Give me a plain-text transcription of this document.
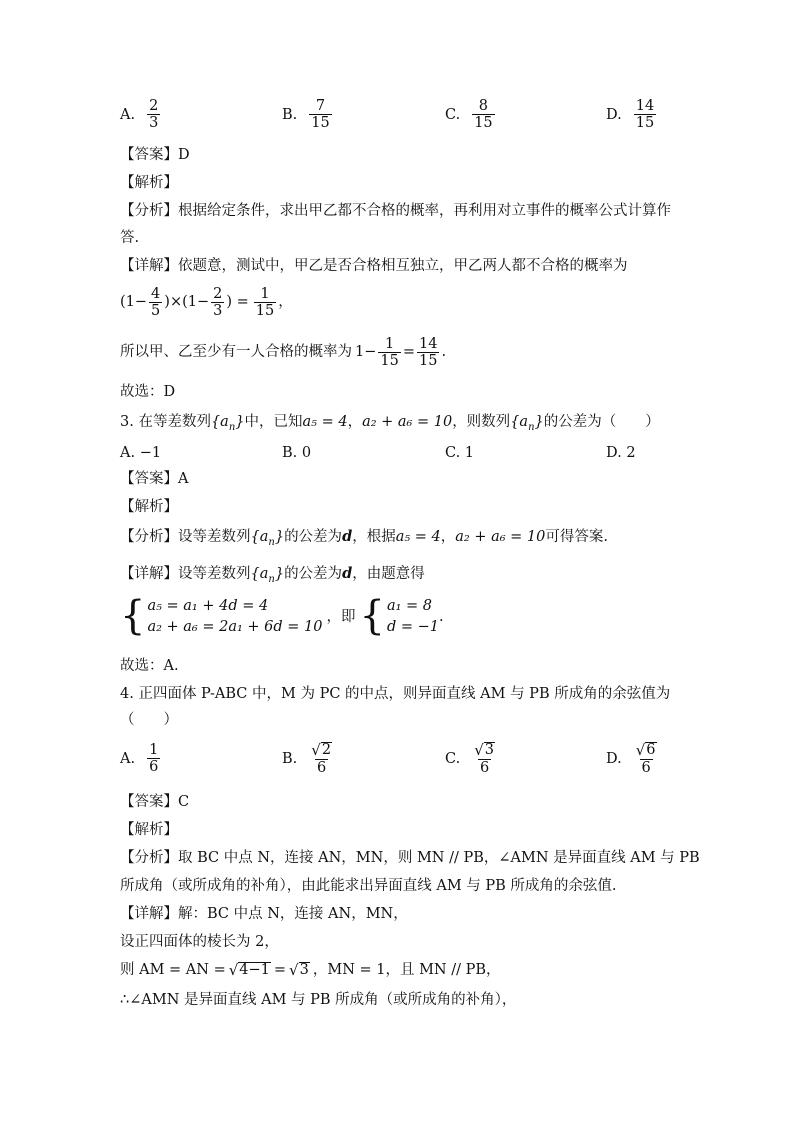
A. $\frac{2}{3}$	B. $\frac{7}{15}$	C. $\frac{8}{15}$	D. $\frac{14}{15}$
【答案】D
【解析】
【分析】根据给定条件，求出甲乙都不合格的概率，再利用对立事件的概率公式计算作
答.
【详解】依题意，测试中，甲乙是否合格相互独立，甲乙两人都不合格的概率为
$(1- \frac{4}{5} )\times(1- \frac{2}{3}$ ) = $\frac{1}{15}$ ，
所以甲、乙至少有一人合格的概率为 $1- \frac{1}{15} = \frac{14}{15}$ .
故选：D
3. 在等差数列$\{a_n\}$中，已知a₅ = 4，a₂ + a₆ = 10，则数列$\{a_n\}$的公差为（　　）
A. −1	B. 0	C. 1	D. 2
【答案】A
【解析】
【分析】设等差数列$\{a_n\}$的公差为d，根据a₅ = 4，a₂ + a₆ = 10可得答案.
【详解】设等差数列$\{a_n\}$的公差为d，由题意得
{ a₅ = a₁ + 4d = 4
a₂ + a₆ = 2a₁ + 6d = 10
，即 { a₁ = 8
d = −1
.
故选：A.
4. 正四面体 P-ABC 中，M 为 PC 的中点，则异面直线 AM 与 PB 所成角的余弦值为
（　　）
A. $\frac{1}{6}$	B. $\frac{√ 2}{6}$	C. $\frac{√ 3}{6}$	D. $\frac{√ 6}{6}$
【答案】C
【解析】
【分析】取 BC 中点 N，连接 AN，MN，则 MN // PB，∠AMN 是异面直线 AM 与 PB
所成角（或所成角的补角），由此能求出异面直线 AM 与 PB 所成角的余弦值.
【详解】解：BC 中点 N，连接 AN，MN，
设正四面体的棱长为 2，
则 AM = AN = √ 4−1 = √ 3 ，MN = 1，且 MN // PB，
∴∠AMN 是异面直线 AM 与 PB 所成角（或所成角的补角），
